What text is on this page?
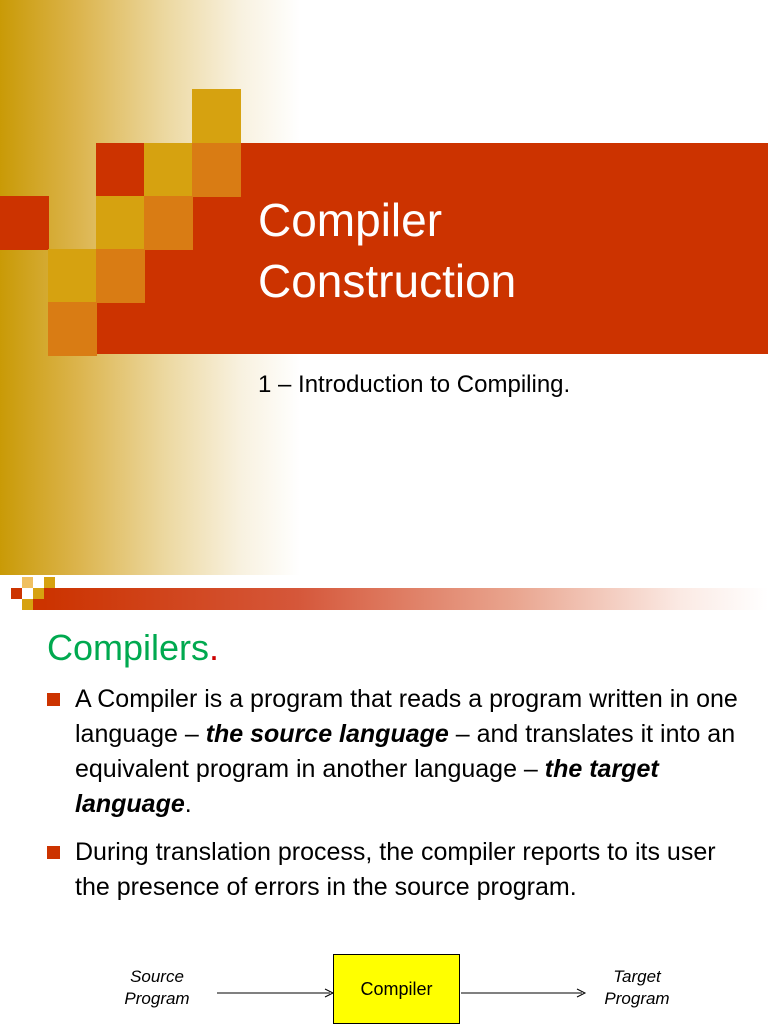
Compiler
Construction

1 – Introduction to Compiling.

Compilers.
A Compiler is a program that reads a program written in one language – the source language – and translates it into an equivalent program in another language – the target language.
During translation process, the compiler reports to its user the presence of errors in the source program.
Source
Program	Compiler
Target
Program
